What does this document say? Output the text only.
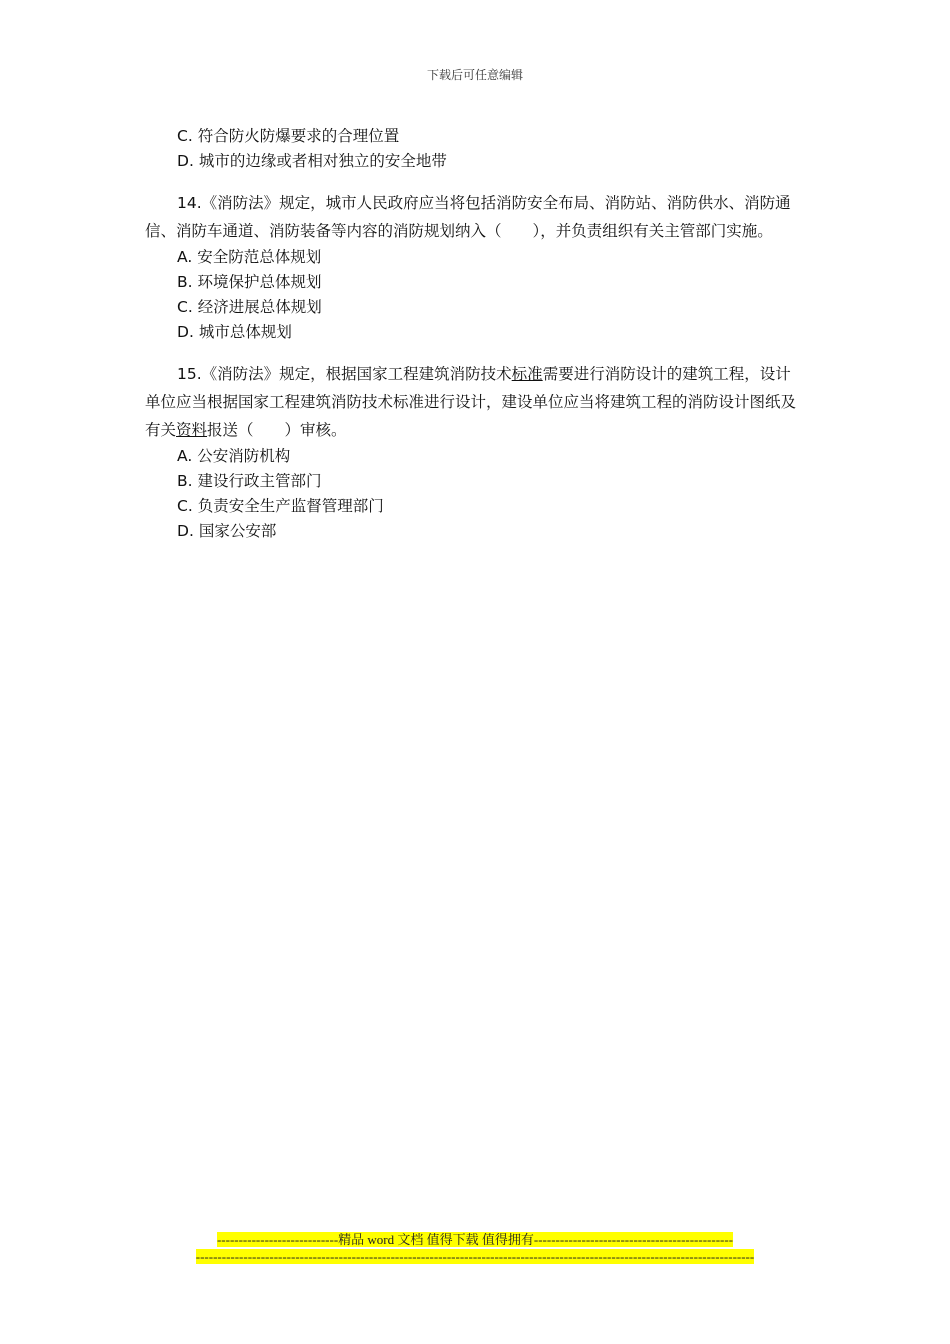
下载后可任意编辑
C. 符合防火防爆要求的合理位置
D. 城市的边缘或者相对独立的安全地带
14.《消防法》规定，城市人民政府应当将包括消防安全布局、消防站、消防供水、消防通信、消防车通道、消防装备等内容的消防规划纳入（　　），并负责组织有关主管部门实施。
A. 安全防范总体规划
B. 环境保护总体规划
C. 经济进展总体规划
D. 城市总体规划
15.《消防法》规定，根据国家工程建筑消防技术标准需要进行消防设计的建筑工程，设计单位应当根据国家工程建筑消防技术标准进行设计，建设单位应当将建筑工程的消防设计图纸及有关资料报送（　　）审核。
A. 公安消防机构
B. 建设行政主管部门
C. 负责安全生产监督管理部门
D. 国家公安部
----------------------------精品 word 文档 值得下载 值得拥有----------------------------------------------
---------------------------------------------------------------------------------------------------------------------------------
